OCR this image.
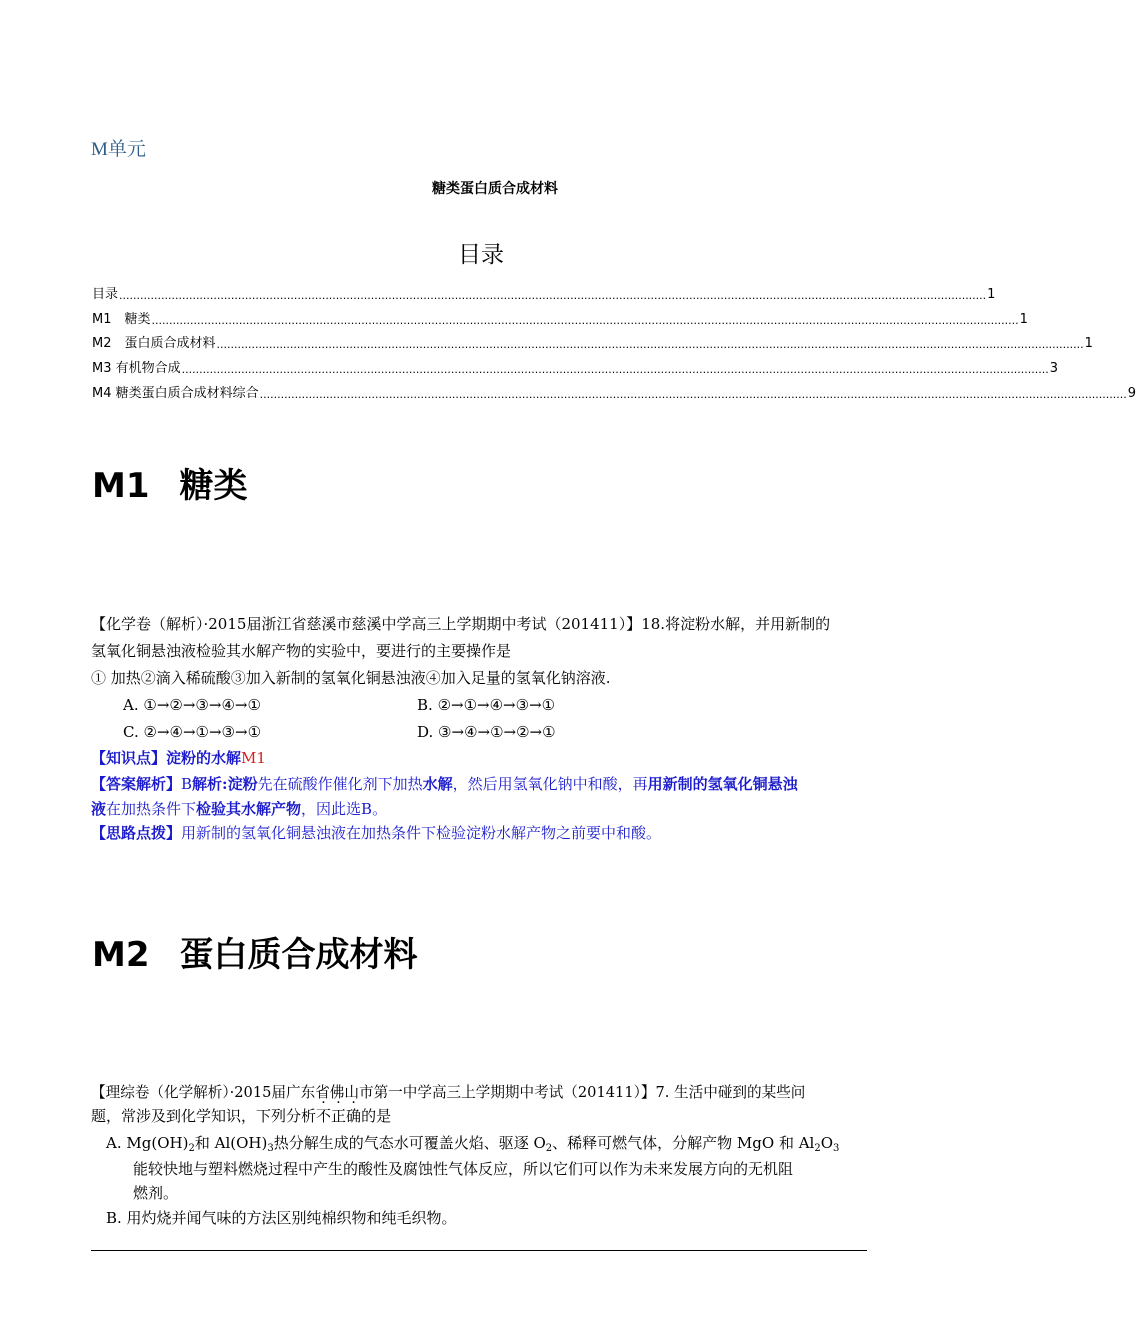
M单元
糖类蛋白质合成材料
目录
目录 ........................................................................................................................................................................................................................................................ 1
M1　糖类 ........................................................................................................................................................................................................................................................ 1
M2　蛋白质合成材料 ........................................................................................................................................................................................................................................................ 1
M3 有机物合成 ........................................................................................................................................................................................................................................................ 3
M4 糖类蛋白质合成材料综合 ........................................................................................................................................................................................................................................................ 9
M1 糖类
【化学卷（解析）·2015届浙江省慈溪市慈溪中学高三上学期期中考试（201411）】18.将淀粉水解，并用新制的
氢氧化铜悬浊液检验其水解产物的实验中，要进行的主要操作是
① 加热②滴入稀硫酸③加入新制的氢氧化铜悬浊液④加入足量的氢氧化钠溶液.
A. ①→②→③→④→①	B. ②→①→④→③→①
C. ②→④→①→③→①	D. ③→④→①→②→①
【知识点】淀粉的水解M1
【答案解析】B解析:淀粉先在硫酸作催化剂下加热水解，然后用氢氧化钠中和酸，再用新制的氢氧化铜悬浊
液在加热条件下检验其水解产物，因此选B。
【思路点拨】用新制的氢氧化铜悬浊液在加热条件下检验淀粉水解产物之前要中和酸。
M2 蛋白质合成材料
【理综卷（化学解析）·2015届广东省佛山市第一中学高三上学期期中考试（201411）】7. 生活中碰到的某些问
题，常涉及到化学知识，下列分析不正确的是
A. $Mg(OH)_2$和 $Al(OH)_3$热分解生成的气态水可覆盖火焰、驱逐 $O_2$、稀释可燃气体，分解产物 MgO 和 $Al_2O_3$
能较快地与塑料燃烧过程中产生的酸性及腐蚀性气体反应，所以它们可以作为未来发展方向的无机阻
燃剂。
B. 用灼烧并闻气味的方法区别纯棉织物和纯毛织物。
